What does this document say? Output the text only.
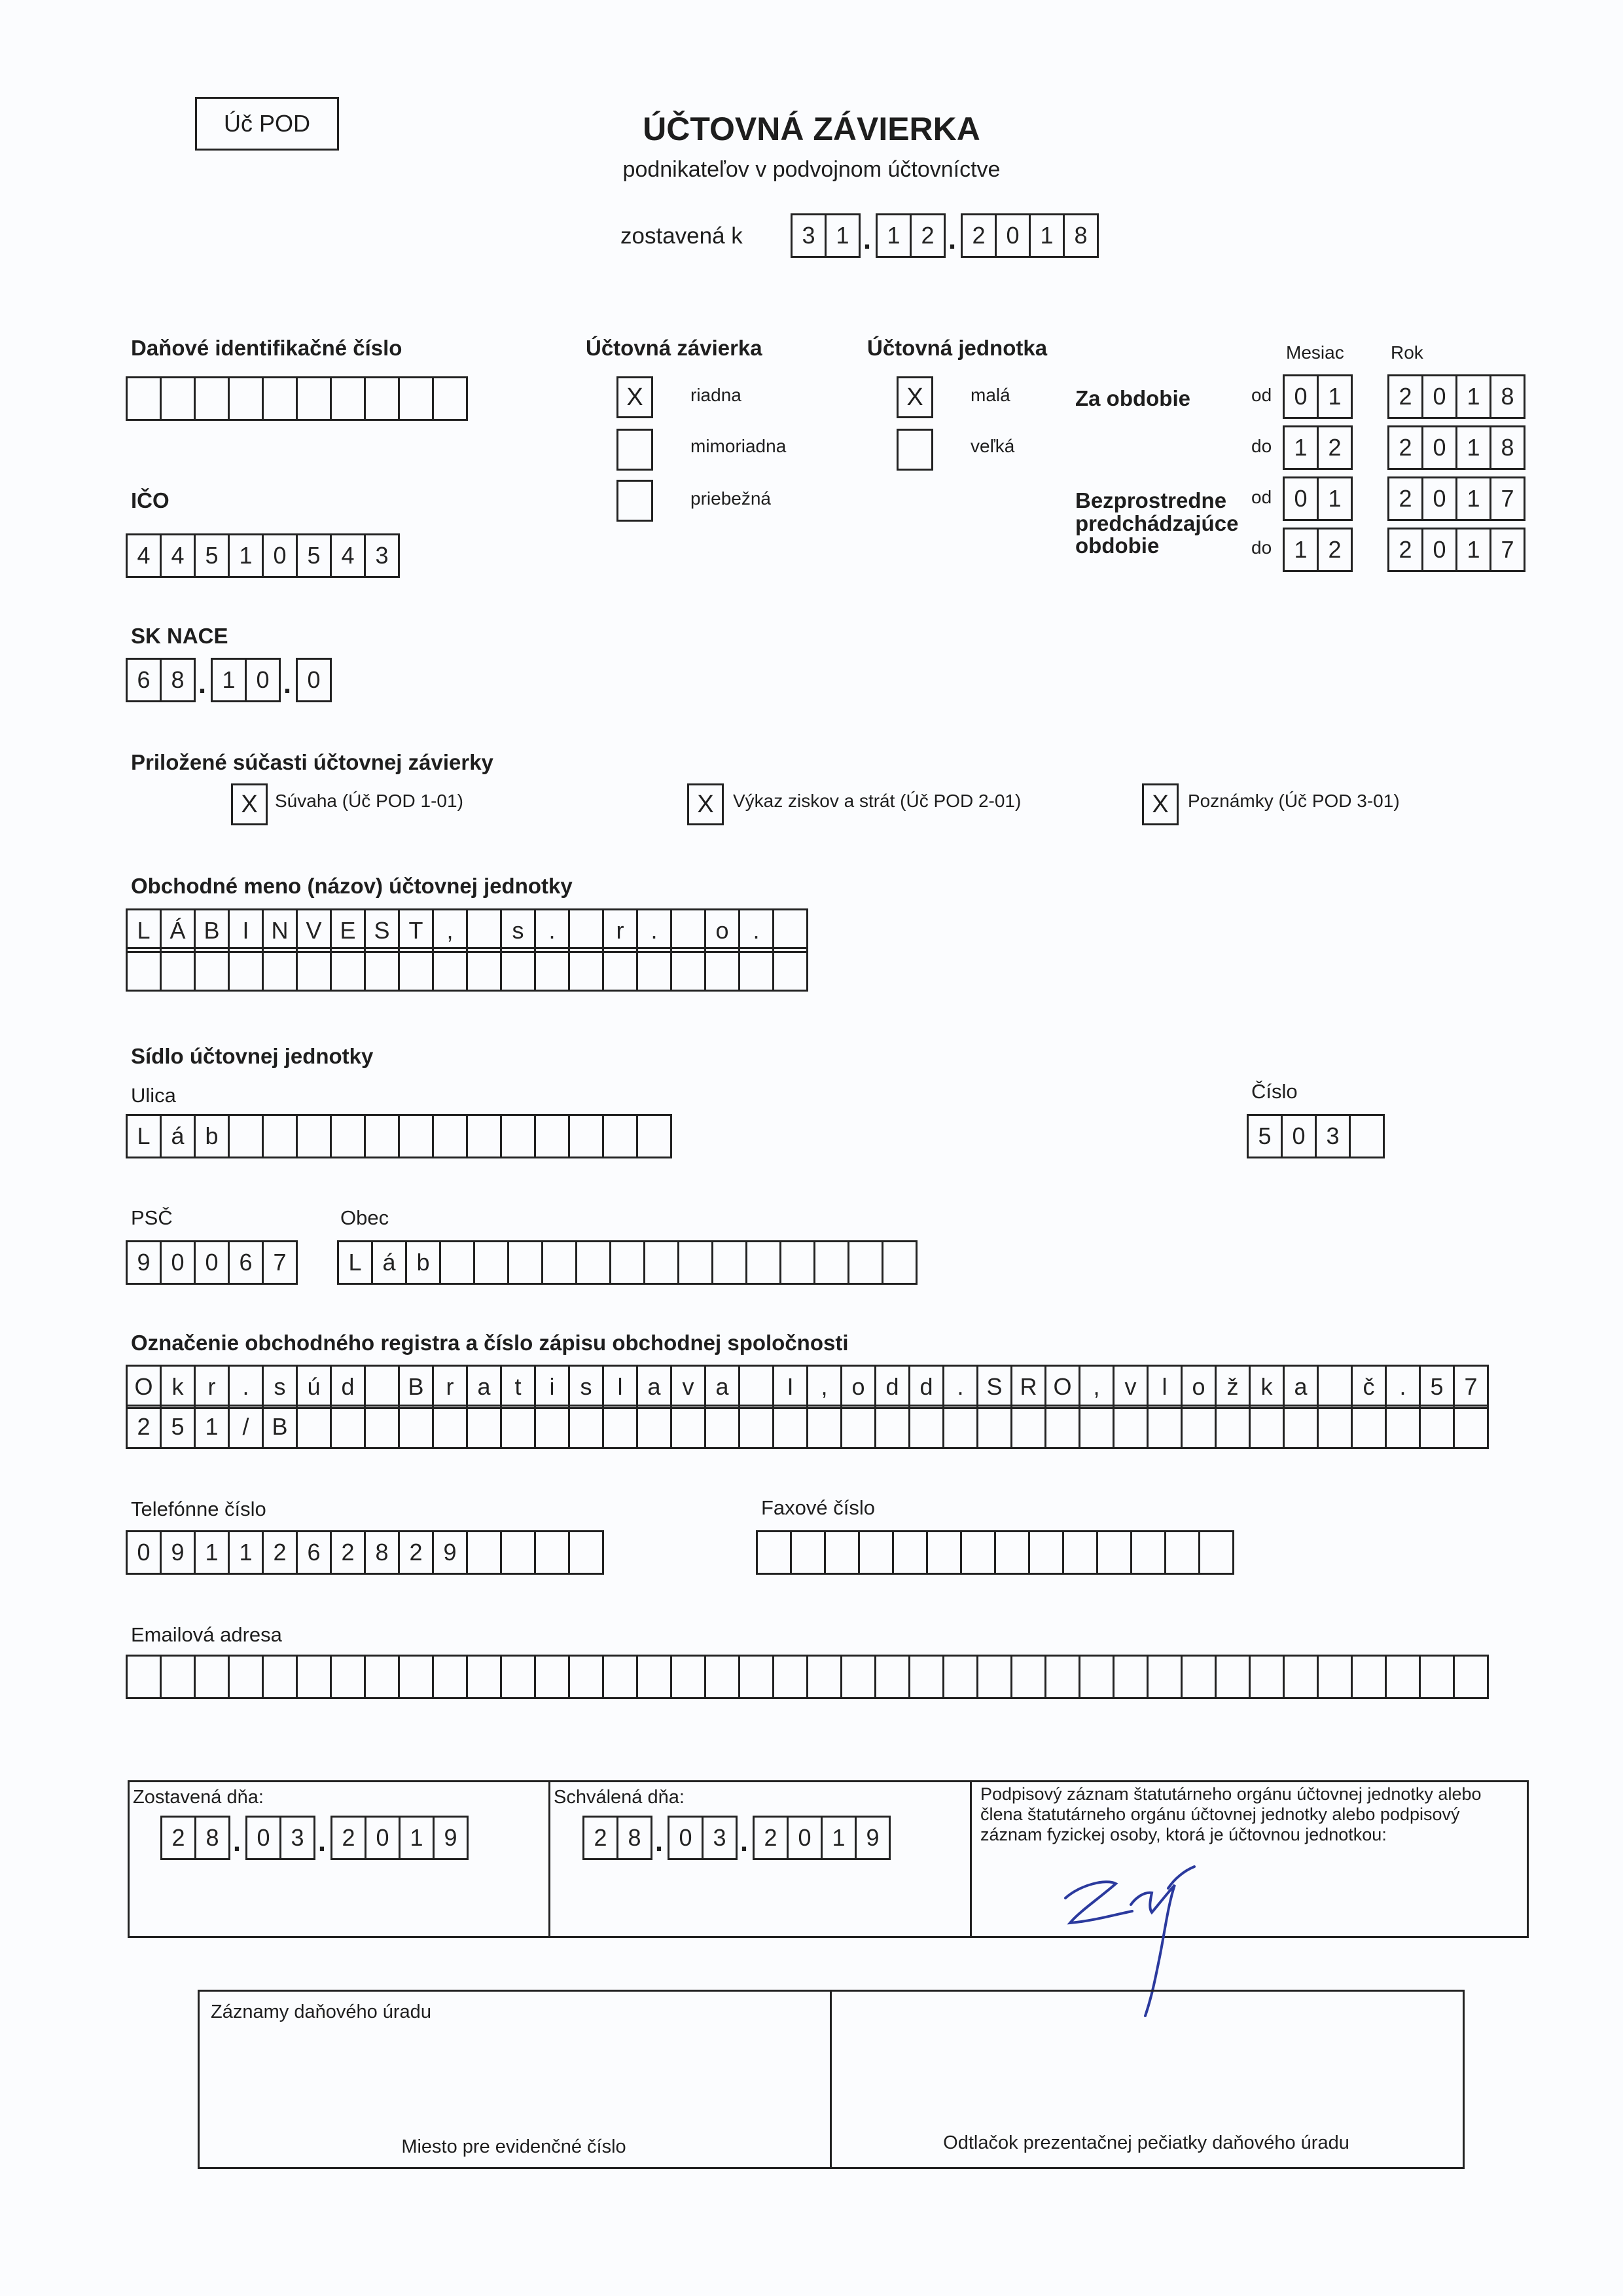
Úč POD	ÚČTOVNÁ ZÁVIERKA
podnikateľov v podvojnom účtovníctve
zostavená k	3 1 . 1 2 . 2 0 1 8
Daňové identifikačné číslo
IČO
4 4 5 1 0 5 4 3
SK NACE
6 8 . 1 0 . 0
Účtovná závierka
X	riadna
mimoriadna
priebežná
Účtovná jednotka
X	malá
veľká
Mesiac	Rok
Za obdobie
Bezprostredne predchádzajúce obdobie
od 0 1	2 0 1 8
do 1 2	2 0 1 8
od 0 1	2 0 1 7
do 1 2	2 0 1 7
Priložené súčasti účtovnej závierky
X Súvaha (Úč POD 1-01)	X	Výkaz ziskov a strát (Úč POD 2-01)	X	Poznámky (Úč POD 3-01)
Obchodné meno (názov) účtovnej jednotky
L Á B I N V E S T ,	s	.	r	.	o	.
Sídlo účtovnej jednotky
Ulica
L á b
Číslo
5 0 3
PSČ
9 0 0 6 7
Obec
L á b
Označenie obchodného registra a číslo zápisu obchodnej spoločnosti
O k	r	.	s ú d	B r a	t	i	s	l	a v a	I	,	o d d	. S R O ,	v	l	o ž k a	č	.	5 7
2 5 1	/ B
Telefónne číslo
0 9 1 1 2 6 2 8 2 9
Faxové číslo
Emailová adresa
Zostavená dňa:
2 8 . 0 3 . 2 0 1 9
Schválená dňa:
2 8 . 0 3 . 2 0 1 9
Podpisový záznam štatutárneho orgánu účtovnej jednotky alebo člena štatutárneho orgánu účtovnej jednotky alebo podpisový záznam fyzickej osoby, ktorá je účtovnou jednotkou:
Záznamy daňového úradu
Miesto pre evidenčné číslo	Odtlačok prezentačnej pečiatky daňového úradu
